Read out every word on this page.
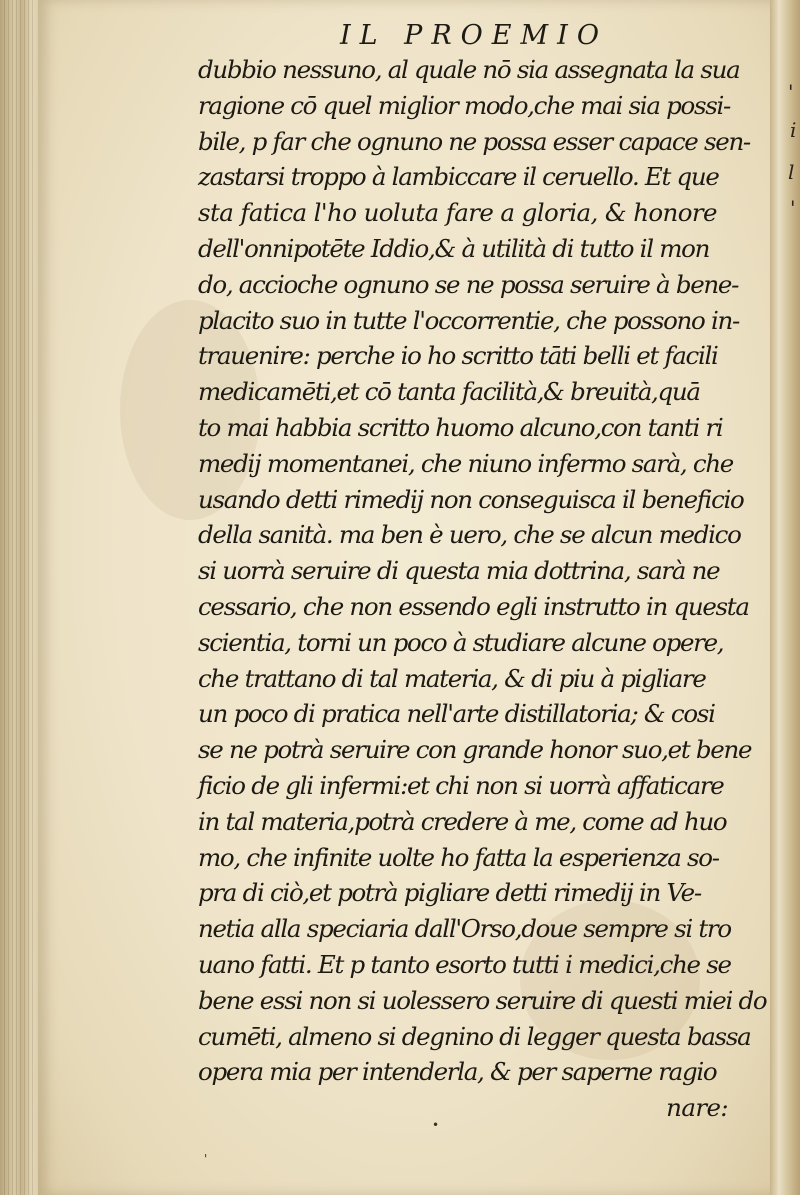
'
i
l
'
IL PROEMIO
dubbio nessuno, al quale nō sia assegnata la sua
ragione cō quel miglior modo,che mai sia possi-
bile, p far che ognuno ne possa esser capace sen-
zastarsi troppo à lambiccare il ceruello. Et que
sta fatica l'ho uoluta fare a gloria, & honore
dell'onnipotēte Iddio,& à utilità di tutto il mon
do, accioche ognuno se ne possa seruire à bene-
placito suo in tutte l'occorrentie, che possono in-
trauenire: perche io ho scritto tāti belli et facili
medicamēti,et cō tanta facilità,& breuità,quā
to mai habbia scritto huomo alcuno,con tanti ri
medij momentanei, che niuno infermo sarà, che
usando detti rimedij non conseguisca il beneficio
della sanità. ma ben è uero, che se alcun medico
si uorrà seruire di questa mia dottrina, sarà ne
cessario, che non essendo egli instrutto in questa
scientia, torni un poco à studiare alcune opere,
che trattano di tal materia, & di piu à pigliare
un poco di pratica nell'arte distillatoria; & cosi
se ne potrà seruire con grande honor suo,et bene
ficio de gli infermi:et chi non si uorrà affaticare
in tal materia,potrà credere à me, come ad huo
mo, che infinite uolte ho fatta la esperienza so-
pra di ciò,et potrà pigliare detti rimedij in Ve-
netia alla speciaria dall'Orso,doue sempre si tro
uano fatti. Et p tanto esorto tutti i medici,che se
bene essi non si uolessero seruire di questi miei do
cumēti, almeno si degnino di legger questa bassa
opera mia per intenderla, & per saperne ragio
nare:
•
'
